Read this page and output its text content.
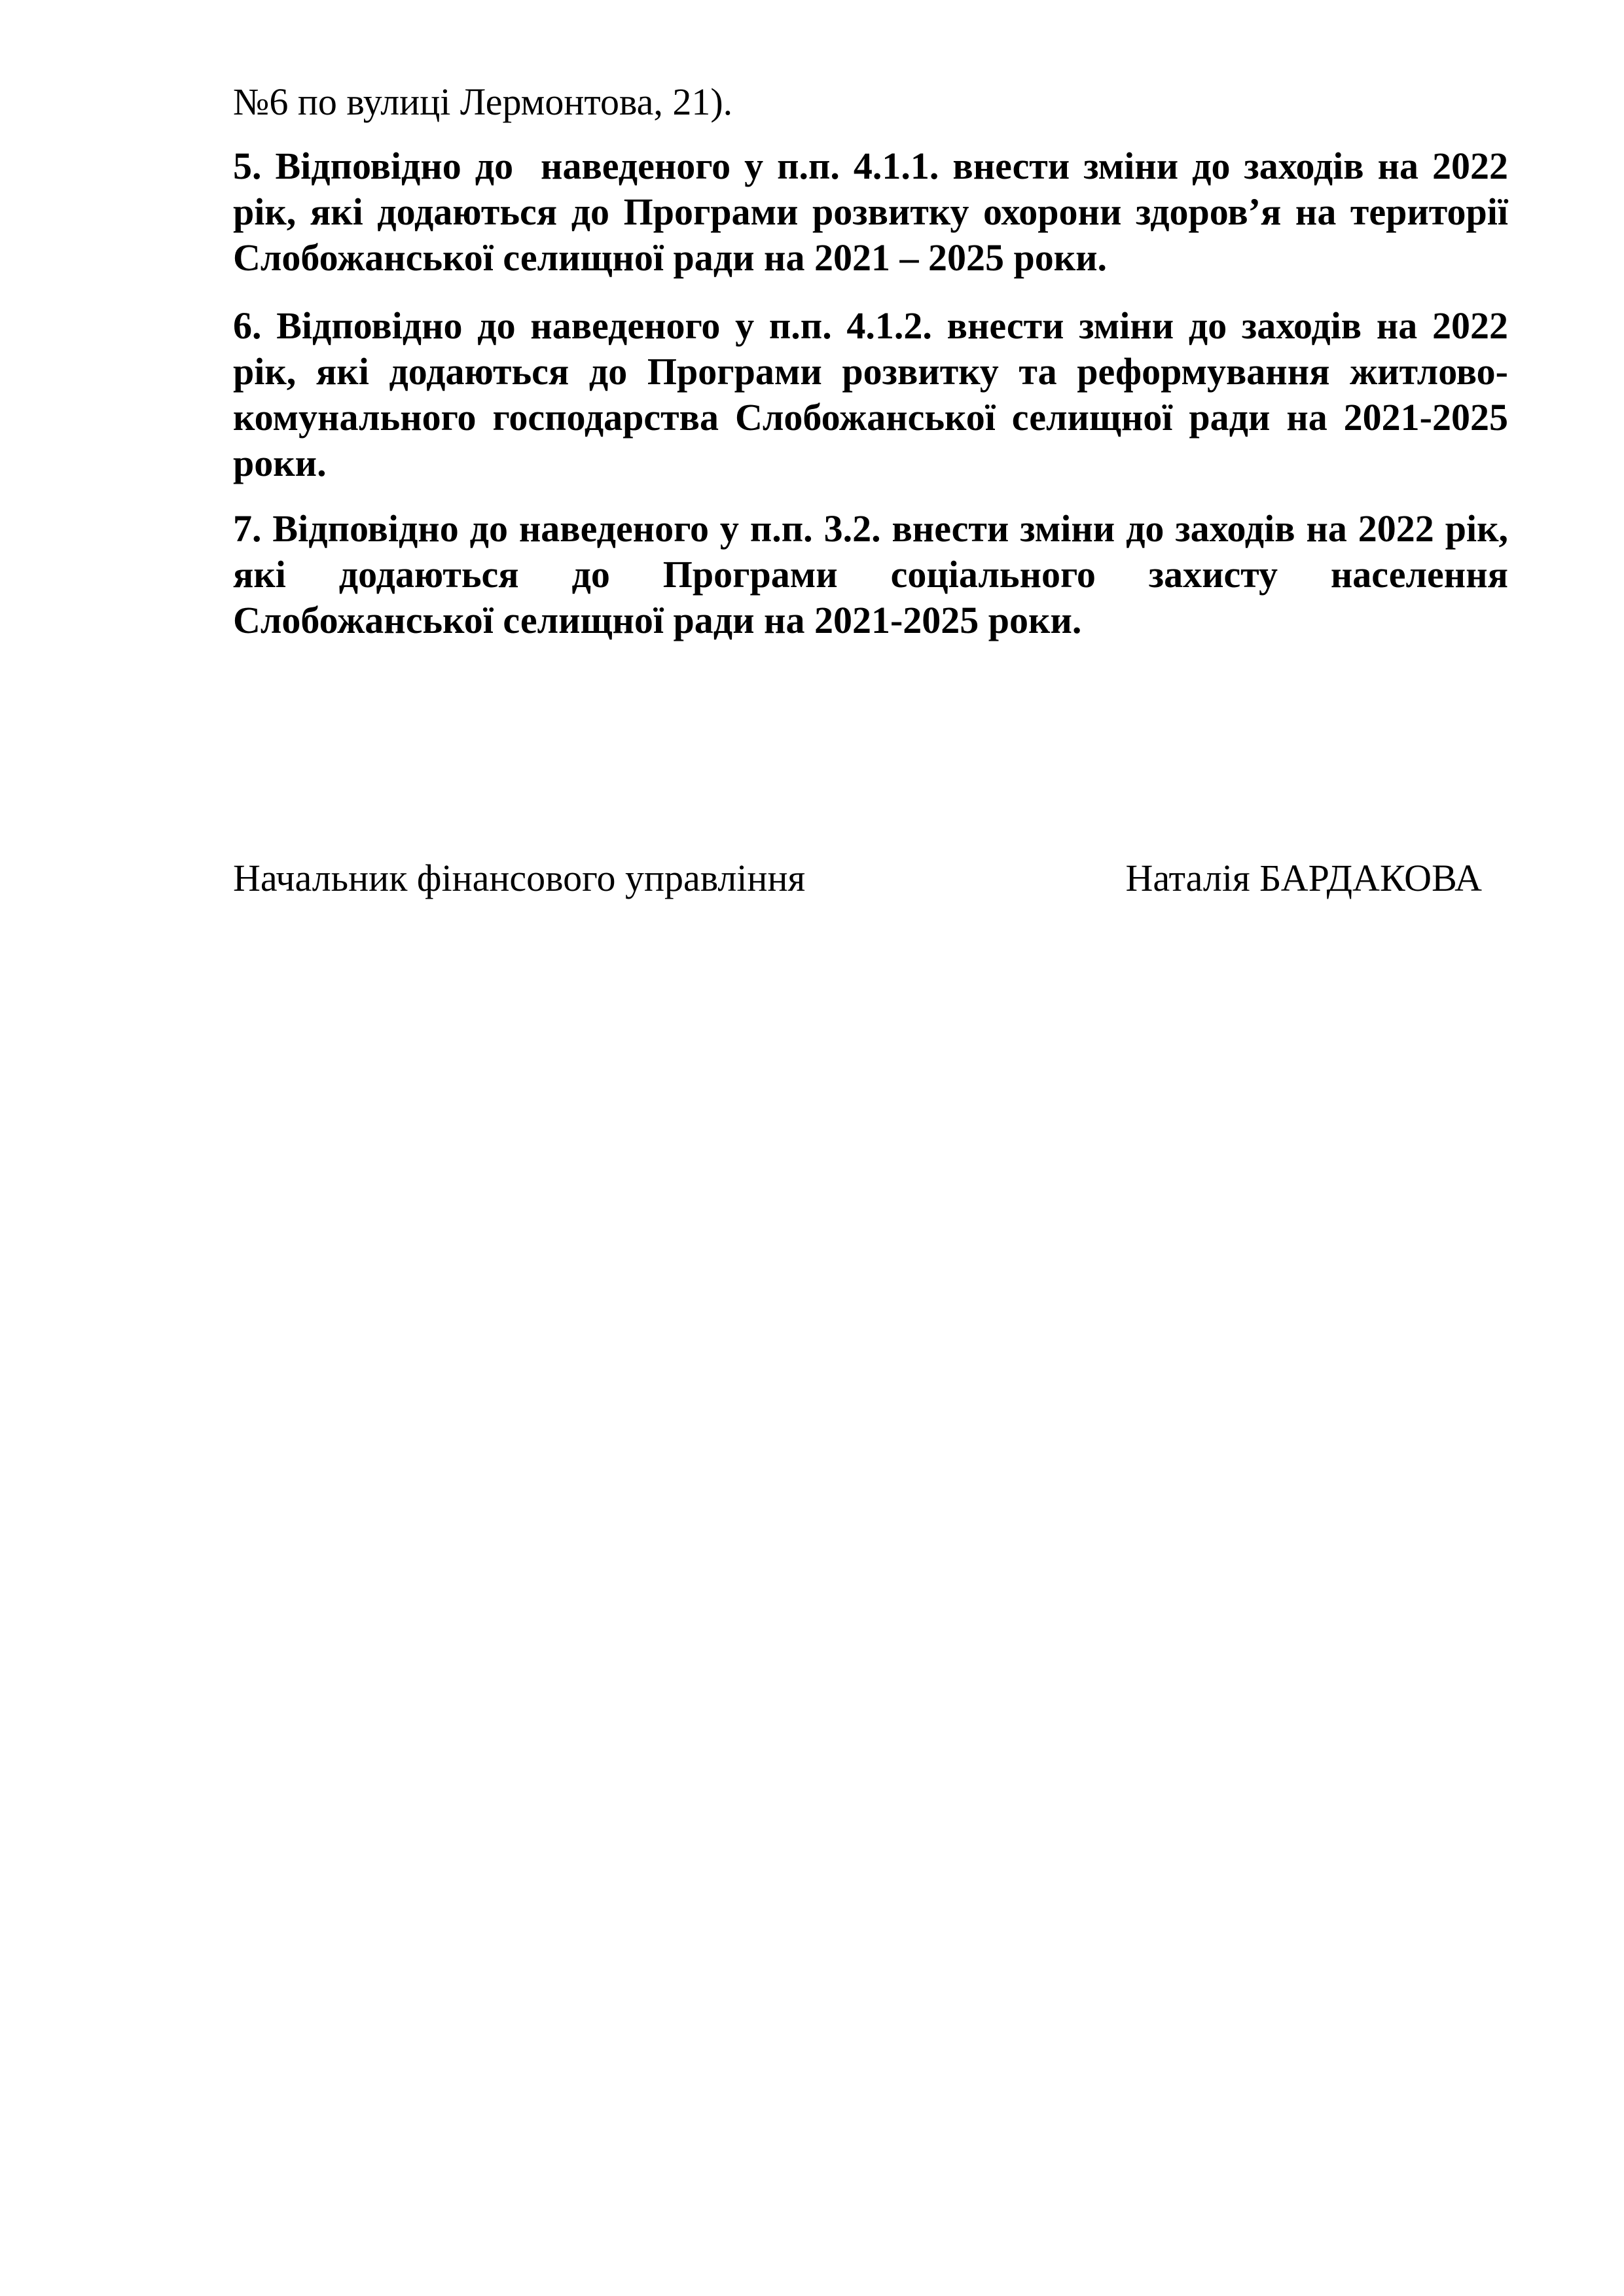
№6 по вулиці Лермонтова, 21).
5. Відповідно до  наведеного у п.п. 4.1.1. внести зміни до заходів на 2022
рік, які додаються до Програми розвитку охорони здоров’я на території
Слобожанської селищної ради на 2021 – 2025 роки.
6. Відповідно до наведеного у п.п. 4.1.2. внести зміни до заходів на 2022
рік, які додаються до Програми розвитку та реформування житлово-
комунального господарства Слобожанської селищної ради на 2021-2025
роки.
7. Відповідно до наведеного у п.п. 3.2. внести зміни до заходів на 2022 рік,
які додаються до Програми соціального захисту населення
Слобожанської селищної ради на 2021-2025 роки.
Начальник фінансового управління	Наталія БАРДАКОВА
